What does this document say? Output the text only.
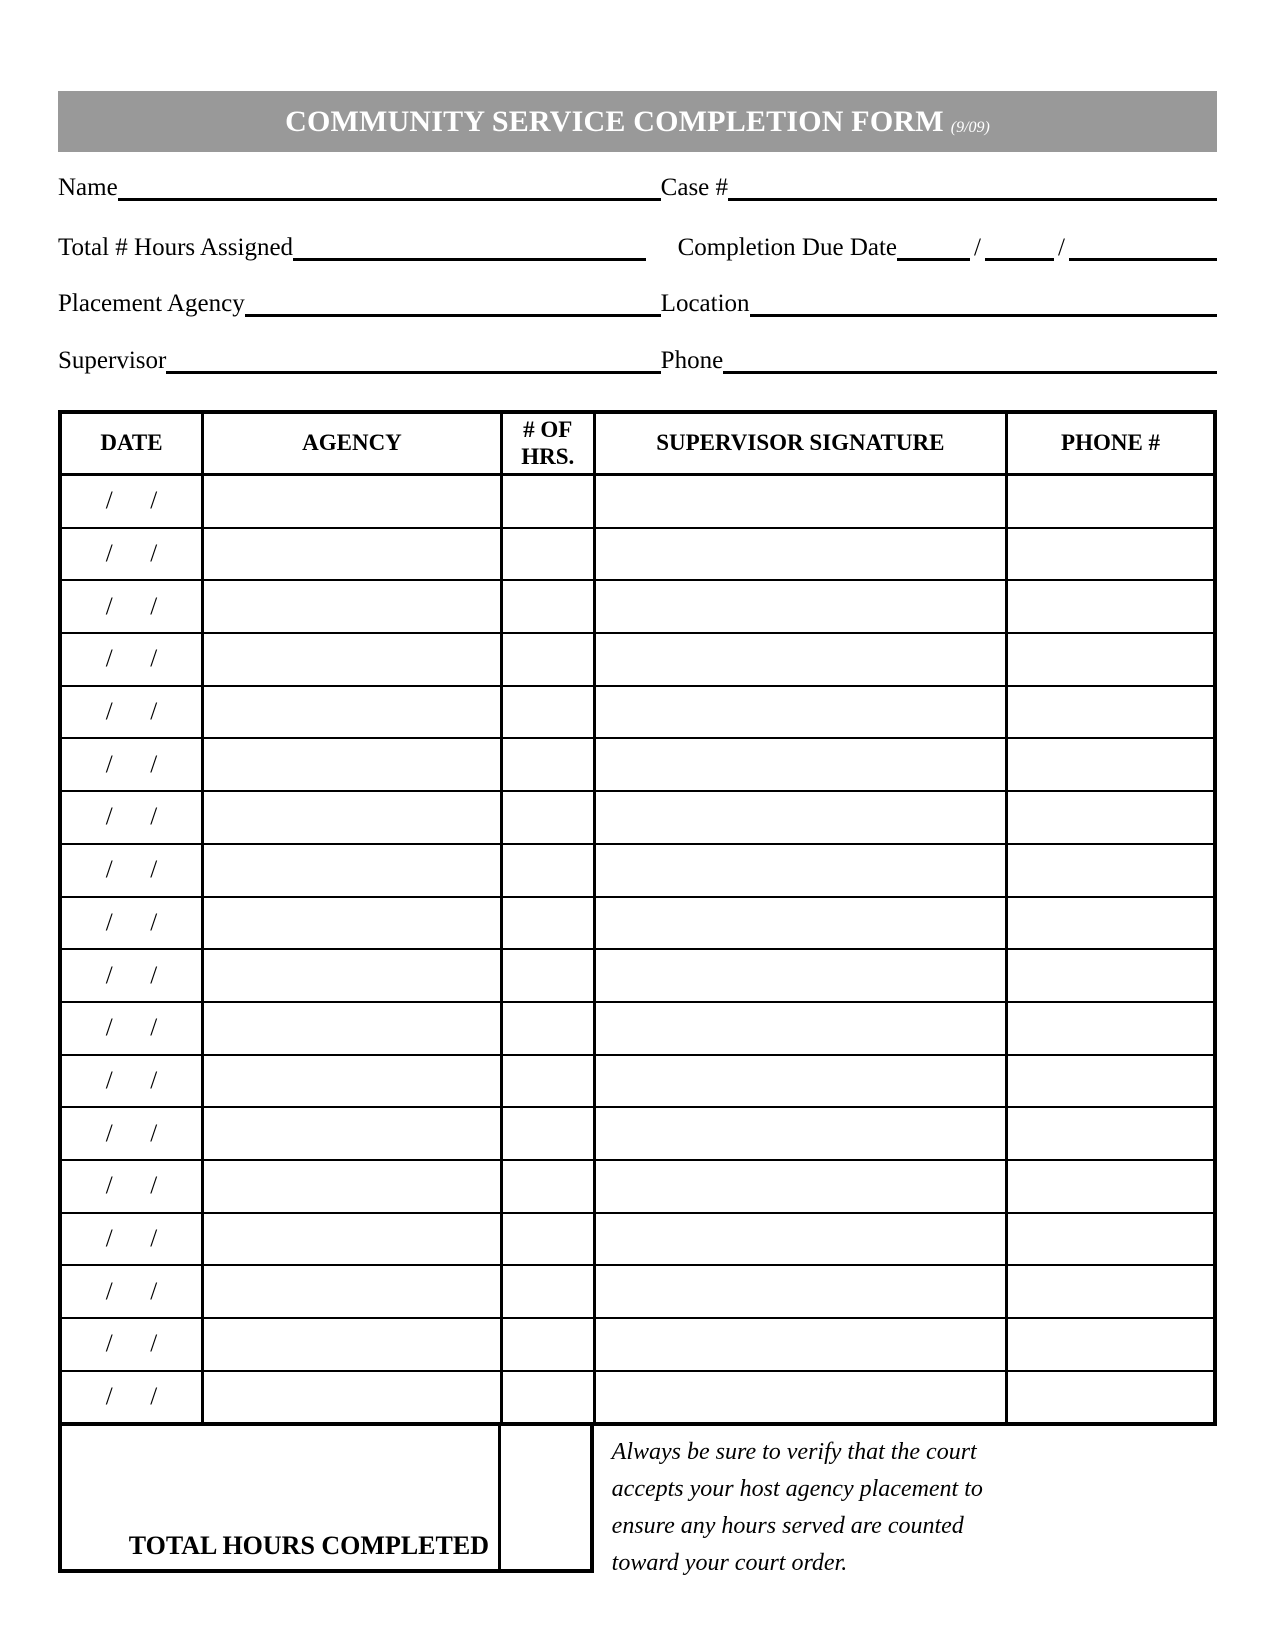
COMMUNITY SERVICE COMPLETION FORM (9/09)
Name	Case #
Total # Hours Assigned	Completion Due Date	/	/
Placement Agency	Location
Supervisor	Phone
DATE	AGENCY	# OF HRS.	SUPERVISOR SIGNATURE	PHONE #
/      /				
/      /				
/      /				
/      /				
/      /				
/      /				
/      /				
/      /				
/      /				
/      /				
/      /				
/      /				
/      /				
/      /				
/      /				
/      /				
/      /				
/      /				
TOTAL HOURS COMPLETED
Always be sure to verify that the court
accepts your host agency placement to
ensure any hours served are counted
toward your court order.
